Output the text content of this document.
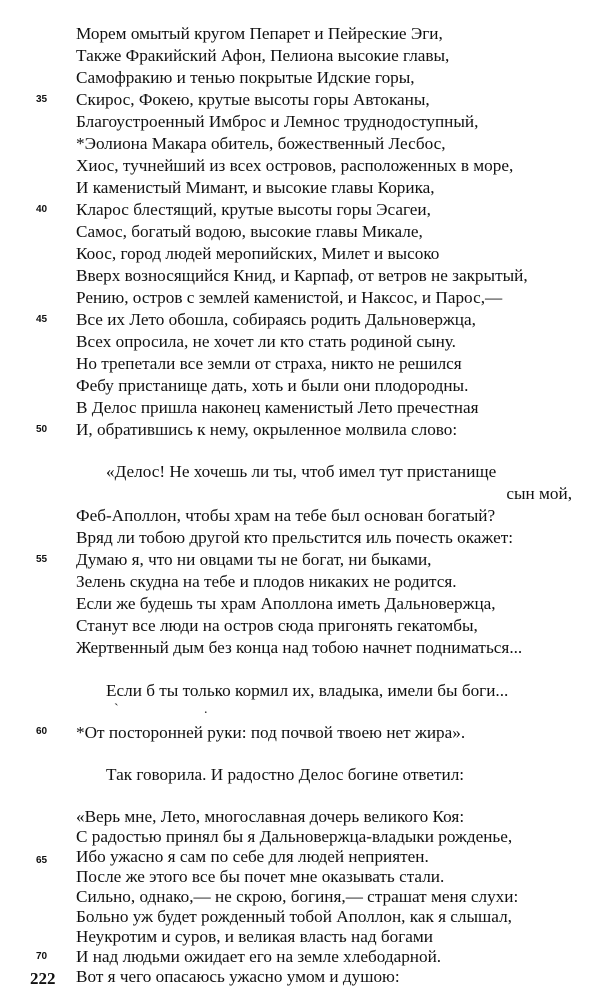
Морем омытый кругом Пепарет и Пейреские Эги,
Также Фракийский Афон, Пелиона высокие главы,
Самофракию и тенью покрытые Идские горы,
Скирос, Фокею, крутые высоты горы Автоканы,
Благоустроенный Имброс и Лемнос труднодоступный,
*Эолиона Макара обитель, божественный Лесбос,
Хиос, тучнейший из всех островов, расположенных в море,
И каменистый Мимант, и высокие главы Корика,
Кларос блестящий, крутые высоты горы Эсагеи,
Самос, богатый водою, высокие главы Микале,
Коос, город людей меропийских, Милет и высоко
Вверх возносящийся Книд, и Карпаф, от ветров не закрытый,
Рению, остров с землей каменистой, и Наксос, и Парос,—
Все их Лето обошла, собираясь родить Дальновержца,
Всех опросила, не хочет ли кто стать родиной сыну.
Но трепетали все земли от страха, никто не решился
Фебу пристанище дать, хоть и были они плодородны.
В Делос пришла наконец каменистый Лето пречестная
И, обратившись к нему, окрыленное молвила слово:
«Делос! Не хочешь ли ты, чтоб имел тут пристанище
сын мой,
Феб-Аполлон, чтобы храм на тебе был основан богатый?
Вряд ли тобою другой кто прельстится иль почесть окажет:
Думаю я, что ни овцами ты не богат, ни быками,
Зелень скудна на тебе и плодов никаких не родится.
Если же будешь ты храм Аполлона иметь Дальновержца,
Станут все люди на остров сюда пригонять гекатомбы,
Жертвенный дым без конца над тобою начнет подниматься...
Если б ты только кормил их, владыка, имели бы боги...
`	.
*От посторонней руки: под почвой твоею нет жира».
Так говорила. И радостно Делос богине ответил:
«Верь мне, Лето, многославная дочерь великого Коя:
С радостью принял бы я Дальновержца-владыки рожденье,
Ибо ужасно я сам по себе для людей неприятен.
После же этого все бы почет мне оказывать стали.
Сильно, однако,— не скрою, богиня,— страшат меня слухи:
Больно уж будет рожденный тобой Аполлон, как я слышал,
Неукротим и суров, и великая власть над богами
35
40
45
50
55
60
65
70
222
И над людьми ожидает его на земле хлебодарной.
Вот я чего опасаюсь ужасно умом и душою:
